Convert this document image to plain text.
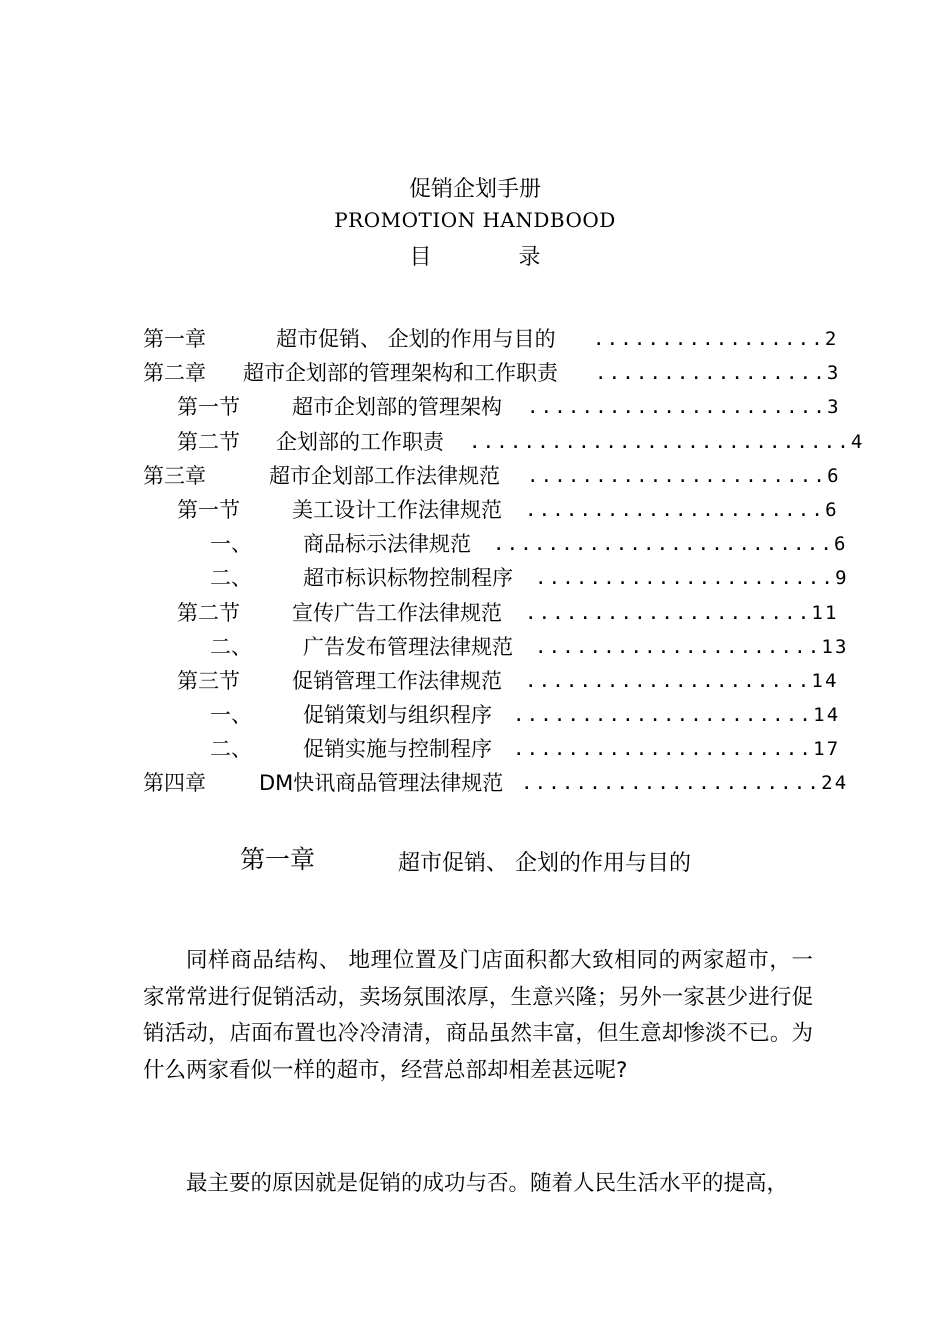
促销企划手册
PROMOTION HANDBOOD
目 录
第一章	超市促销、 企划的作用与目的 .................2
第二章 超市企划部的管理架构和工作职责 .................3
第一节 超市企划部的管理架构 ......................3
第二节 企划部的工作职责 ............................4
第三章	超市企划部工作法律规范 ......................6
第一节 美工设计工作法律规范 ......................6
一、 商品标示法律规范 .........................6
二、 超市标识标物控制程序 ......................9
第二节 宣传广告工作法律规范 .....................11
二、 广告发布管理法律规范 .....................13
第三节 促销管理工作法律规范 .....................14
一、 促销策划与组织程序 ......................14
二、 促销实施与控制程序 ......................17
第四章	DM快讯商品管理法律规范 ......................24
第一章	超市促销、 企划的作用与目的
同样商品结构、 地理位置及门店面积都大致相同的两家超市，一家常常进行促销活动，卖场氛围浓厚，生意兴隆；另外一家甚少进行促销活动，店面布置也冷冷清清，商品虽然丰富，但生意却惨淡不已。为什么两家看似一样的超市，经营总部却相差甚远呢?
最主要的原因就是促销的成功与否。随着人民生活水平的提高，
